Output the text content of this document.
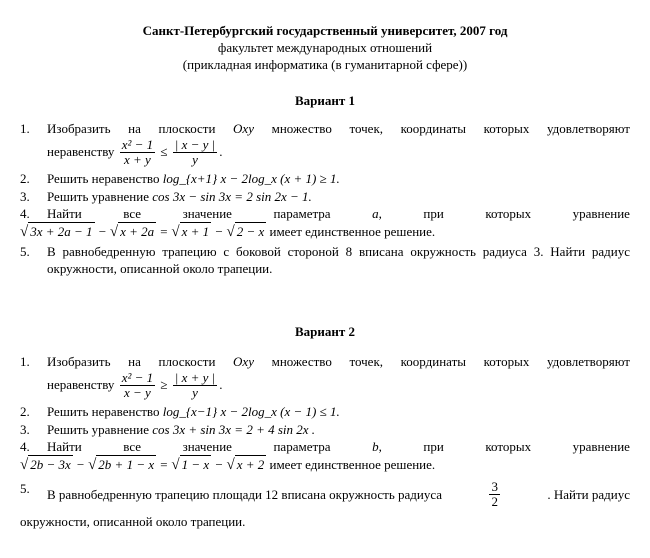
Санкт-Петербургский государственный университет, 2007 год
факультет международных отношений
(прикладная информатика (в гуманитарной сфере))
Вариант 1
1.	Изобразить на плоскости Oxy множество точек, координаты которых удовлетворяют
неравенству $\frac{\text{x² − 1}}{x + y} \le \frac{| x - y |}{y}$ .
2.	Решить неравенство log_{x+1} x − 2log_x (x + 1) ≥ 1.
3.	Решить уравнение cos 3x − sin 3x = 2 sin 2x − 1.
4.	Найти	все	значение	параметра	a,	при	которых	уравнение
√ 3x + 2a − 1 − √ x + 2a = √ x + 1 − √ 2 − x имеет единственное решение.
5.	В равнобедренную трапецию с боковой стороной 8 вписана окружность радиуса 3. Найти радиус окружности, описанной около трапеции.
Вариант 2
1.	Изобразить на плоскости Oxy множество точек, координаты которых удовлетворяют
неравенству $\frac{\text{x² − 1}}{x - y} \ge \frac{| x + y |}{y}$ .
2.	Решить неравенство log_{x−1} x − 2log_x (x − 1) ≤ 1.
3.	Решить уравнение cos 3x + sin 3x = 2 + 4 sin 2x .
4.	Найти	все	значение	параметра	b,	при	которых	уравнение
√ 2b − 3x − √ 2b + 1 − x = √ 1 − x − √ x + 2 имеет единственное решение.
5.	В равнобедренную трапецию площади 12 вписана окружность радиуса	$\frac{3}{2}$	. Найти радиус
окружности, описанной около трапеции.
